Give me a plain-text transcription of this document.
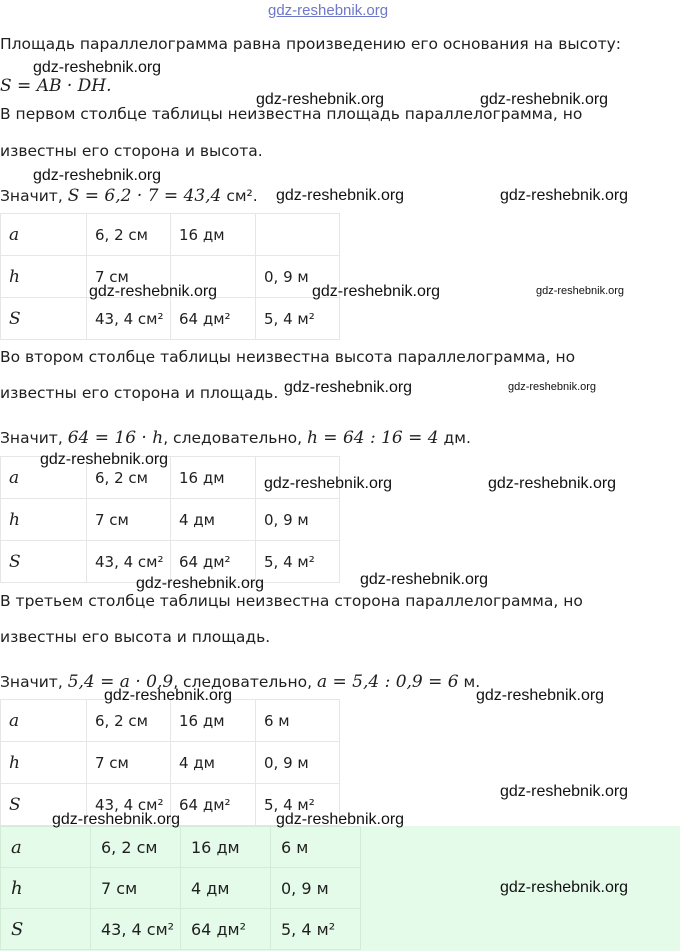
gdz-reshebnik.org
Площадь параллелограмма равна произведению его основания на высоту:
S = AB · DH.
В первом столбце таблицы неизвестна площадь параллелограмма, но
известны его сторона и высота.
Значит, S = 6,2 · 7 = 43,4 см².
a	6, 2 см	16 дм	
h	7 см		0, 9 м
S	43, 4 см²	64 дм²	5, 4 м²
Во втором столбце таблицы неизвестна высота параллелограмма, но
известны его сторона и площадь.
Значит, 64 = 16 · h, следовательно, h = 64 : 16 = 4 дм.
a	6, 2 см	16 дм	
h	7 см	4 дм	0, 9 м
S	43, 4 см²	64 дм²	5, 4 м²
В третьем столбце таблицы неизвестна сторона параллелограмма, но
известны его высота и площадь.
Значит, 5,4 = a · 0,9, следовательно, a = 5,4 : 0,9 = 6 м.
a	6, 2 см	16 дм	6 м
h	7 см	4 дм	0, 9 м
S	43, 4 см²	64 дм²	5, 4 м²
a	6, 2 см	16 дм	6 м
h	7 см	4 дм	0, 9 м
S	43, 4 см²	64 дм²	5, 4 м²
gdz-reshebnik.org
gdz-reshebnik.org	gdz-reshebnik.org
gdz-reshebnik.org
gdz-reshebnik.org	gdz-reshebnik.org
gdz-reshebnik.org	gdz-reshebnik.org	gdz-reshebnik.org
gdz-reshebnik.org	gdz-reshebnik.org
gdz-reshebnik.org
gdz-reshebnik.org	gdz-reshebnik.org
gdz-reshebnik.org	gdz-reshebnik.org
gdz-reshebnik.org	gdz-reshebnik.org
gdz-reshebnik.org
gdz-reshebnik.org	gdz-reshebnik.org
gdz-reshebnik.org
